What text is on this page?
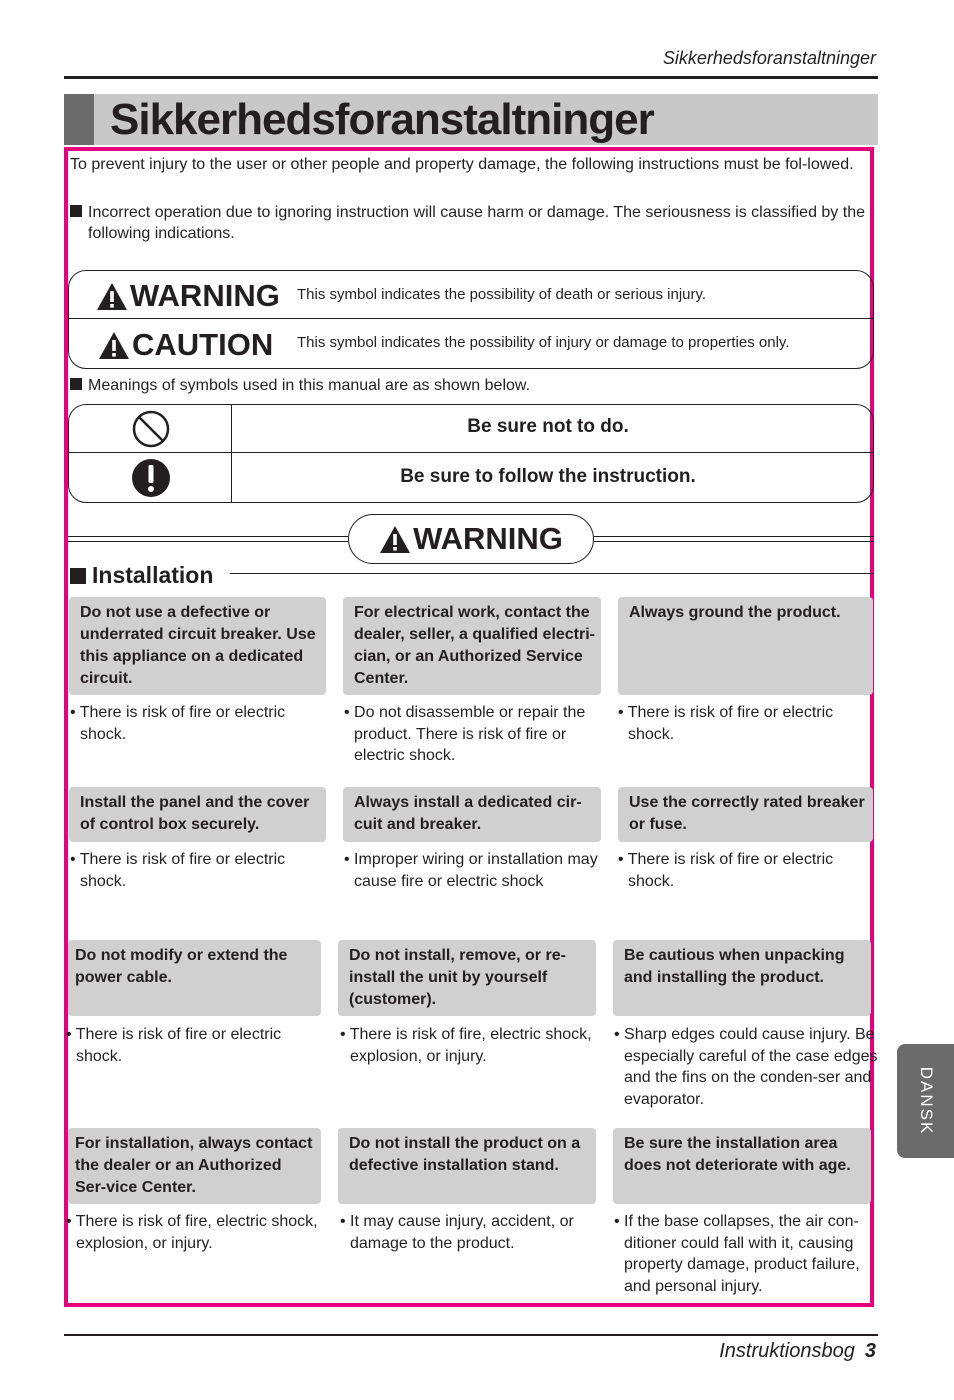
Sikkerhedsforanstaltninger
Sikkerhedsforanstaltninger
To prevent injury to the user or other people and property damage, the following instructions must be fol-lowed.
Incorrect operation due to ignoring instruction will cause harm or damage. The seriousness is classified by the following indications.
WARNING This symbol indicates the possibility of death or serious injury.
CAUTION This symbol indicates the possibility of injury or damage to properties only.
Meanings of symbols used in this manual are as shown below.
Be sure not to do.
Be sure to follow the instruction.
WARNING
Installation
Do not use a defective or underrated circuit breaker. Use this appliance on a dedicated circuit.
• There is risk of fire or electric shock.
For electrical work, contact the dealer, seller, a qualified electri-cian, or an Authorized Service Center.
• Do not disassemble or repair the product. There is risk of fire or electric shock.
Always ground the product.
• There is risk of fire or electric shock.
Install the panel and the cover of control box securely.
• There is risk of fire or electric shock.
Always install a dedicated cir-cuit and breaker.
• Improper wiring or installation may cause fire or electric shock
Use the correctly rated breaker or fuse.
• There is risk of fire or electric shock.
Do not modify or extend the power cable.
• There is risk of fire or electric shock.
Do not install, remove, or re-install the unit by yourself (customer).
• There is risk of fire, electric shock, explosion, or injury.
Be cautious when unpacking and installing the product.
• Sharp edges could cause injury. Be especially careful of the case edges and the fins on the conden-ser and evaporator.
For installation, always contact the dealer or an Authorized Ser-vice Center.
• There is risk of fire, electric shock, explosion, or injury.
Do not install the product on a defective installation stand.
• It may cause injury, accident, or damage to the product.
Be sure the installation area does not deteriorate with age.
• If the base collapses, the air con-ditioner could fall with it, causing property damage, product failure, and personal injury.
DANSK
Instruktionsbog 3
